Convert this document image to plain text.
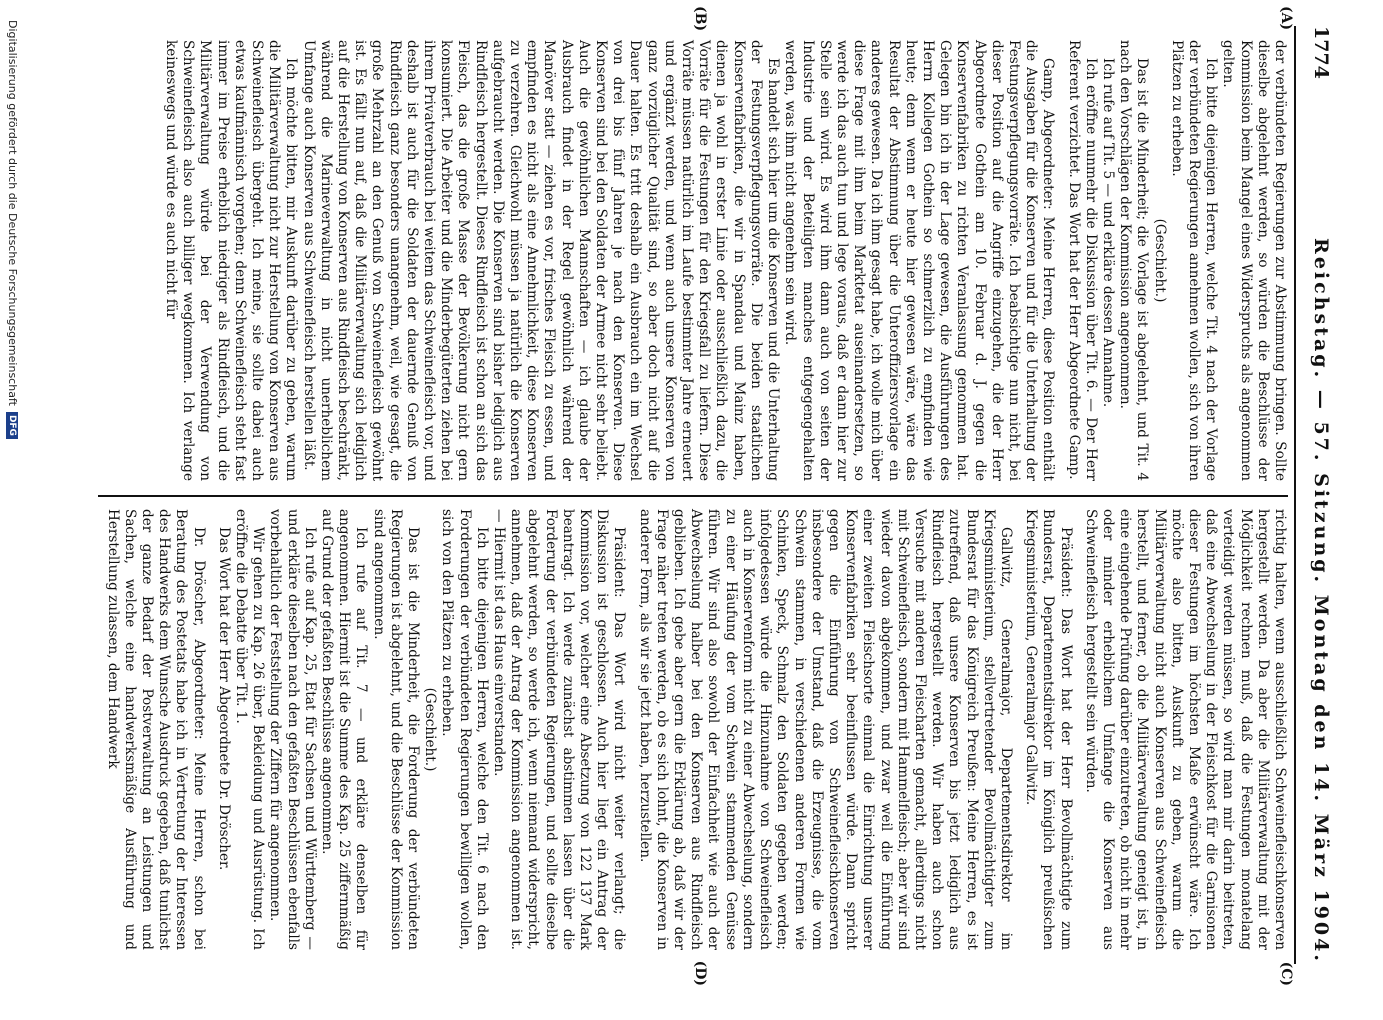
1774
Reichstag. — 57. Sitzung. Montag den 14. März 1904.
(A)
(B)
(C)
(D)

der verbündeten Regierungen zur Abstimmung bringen. Sollte dieselbe abgelehnt werden, so würden die Beschlüsse der Kommission beim Mangel eines Widerspruchs als angenommen gelten.

Ich bitte diejenigen Herren, welche Tit. 4 nach der Vorlage der verbündeten Regierungen annehmen wollen, sich von ihren Plätzen zu erheben.

(Geschieht.)

Das ist die Minderheit; die Vorlage ist abgelehnt, und Tit. 4 nach den Vorschlägen der Kommission angenommen.

Ich rufe auf Tit. 5 — und erkläre dessen Annahme.

Ich eröffne nunmehr die Diskussion über Tit. 6. — Der Herr Referent verzichtet. Das Wort hat der Herr Abgeordnete Gamp.

Gamp, Abgeordneter: Meine Herren, diese Position enthält die Ausgaben für die Konserven und für die Unterhaltung der Festungsverpflegungsvorräte. Ich beabsichtige nun nicht, bei dieser Position auf die Angriffe einzugehen, die der Herr Abgeordnete Gothein am 10. Februar d. J. gegen die Konservenfabriken zu richten Veranlassung genommen hat. Gelegen bin ich in der Lage gewesen, die Ausführungen des Herrn Kollegen Gothein so schmerzlich zu empfinden wie heute; denn wenn er heute hier gewesen wäre, wäre das Resultat der Abstimmung über die Unteroffiziersvorlage ein anderes gewesen. Da ich ihm gesagt habe, ich wolle mich über diese Frage mit ihm beim Marktetat auseinandersetzen, so werde ich das auch tun und lege voraus, daß er dann hier zur Stelle sein wird. Es wird ihm dann auch von seiten der Industrie und der Beteiligten manches entgegengehalten werden, was ihm nicht angenehm sein wird.

Es handelt sich hier um die Konserven und die Unterhaltung der Festungsverpflegungsvorräte. Die beiden staatlichen Konservenfabriken, die wir in Spandau und Mainz haben, dienen ja wohl in erster Linie oder ausschließlich dazu, die Vorräte für die Festungen für den Kriegsfall zu liefern. Diese Vorräte müssen natürlich im Laufe bestimmter Jahre erneuert und ergänzt werden, und wenn auch unsere Konserven von ganz vorzüglicher Qualität sind, so aber doch nicht auf die Dauer halten. Es tritt deshalb ein Ausbrauch ein im Wechsel von drei bis fünf Jahren je nach den Konserven. Diese Konserven sind bei den Soldaten der Armee nicht sehr beliebt. Auch die gewöhnlichen Mannschaften — ich glaube der Ausbrauch findet in der Regel gewöhnlich während der Manöver statt — ziehen es vor, frisches Fleisch zu essen, und empfinden es nicht als eine Annehmlichkeit, diese Konserven zu verzehren. Gleichwohl müssen ja natürlich die Konserven aufgebraucht werden. Die Konserven sind bisher lediglich aus Rindfleisch hergestellt. Dieses Rindfleisch ist schon an sich das Fleisch, das die große Masse der Bevölkerung nicht gern konsumiert. Die Arbeiter und die Minderbegüterten ziehen bei ihrem Privatverbrauch bei weitem das Schweinefleisch vor, und deshalb ist auch für die Soldaten der dauernde Genuß von Rindfleisch ganz besonders unangenehm, weil, wie gesagt, die große Mehrzahl an den Genuß von Schweinefleisch gewöhnt ist. Es fällt nun auf, daß die Militärverwaltung sich lediglich auf die Herstellung von Konserven aus Rindfleisch beschränkt, während die Marineverwaltung in nicht unerheblichem Umfange auch Konserven aus Schweinefleisch herstellen läßt.

Ich möchte bitten, mir Auskunft darüber zu geben, warum die Militärverwaltung nicht zur Herstellung von Konserven aus Schweinefleisch übergeht. Ich meine, sie sollte dabei auch etwas kaufmännisch vorgehen; denn Schweinefleisch steht fast immer im Preise erheblich niedriger als Rindfleisch, und die Militärverwaltung würde bei der Verwendung von Schweinefleisch also auch billiger wegkommen. Ich verlange keineswegs und würde es auch nicht für

richtig halten, wenn ausschließlich Schweinefleischkonserven hergestellt werden. Da aber die Militärverwaltung mit der Möglichkeit rechnen muß, daß die Festungen monatelang verteidigt werden müssen, so wird man mir darin beitreten, daß eine Abwechselung in der Fleischkost für die Garnisonen dieser Festungen im höchsten Maße erwünscht wäre. Ich möchte also bitten, Auskunft zu geben, warum die Militärverwaltung nicht auch Konserven aus Schweinefleisch herstellt, und ferner, ob die Militärverwaltung geneigt ist, in eine eingehende Prüfung darüber einzutreten, ob nicht in mehr oder minder erheblichem Umfange die Konserven aus Schweinefleisch hergestellt sein würden.

Präsident: Das Wort hat der Herr Bevollmächtigte zum Bundesrat, Departementsdirektor im Königlich preußischen Kriegsministerium, Generalmajor Gallwitz.

Gallwitz, Generalmajor, Departementsdirektor im Kriegsministerium, stellvertretender Bevollmächtigter zum Bundesrat für das Königreich Preußen: Meine Herren, es ist zutreffend, daß unsere Konserven bis jetzt lediglich aus Rindfleisch hergestellt werden. Wir haben auch schon Versuche mit anderen Fleischarten gemacht, allerdings nicht mit Schweinefleisch, sondern mit Hammelfleisch; aber wir sind wieder davon abgekommen, und zwar weil die Einführung einer zweiten Fleischsorte einmal die Einrichtung unserer Konservenfabriken sehr beeinflussen würde. Dann spricht gegen die Einführung von Schweinefleischkonserven insbesondere der Umstand, daß die Erzeugnisse, die vom Schwein stammen, in verschiedenen anderen Formen wie Schinken, Speck, Schmalz den Soldaten gegeben werden; infolgedessen würde die Hinzunahme von Schweinefleisch auch in Konservenform nicht zu einer Abwechselung, sondern zu einer Häufung der vom Schwein stammenden Genüsse führen. Wir sind also sowohl der Einfachheit wie auch der Abwechselung halber bei den Konserven aus Rindfleisch geblieben. Ich gebe aber gern die Erklärung ab, daß wir der Frage näher treten werden, ob es sich lohnt, die Konserven in anderer Form, als wir sie jetzt haben, herzustellen.

Präsident: Das Wort wird nicht weiter verlangt; die Diskussion ist geschlossen. Auch hier liegt ein Antrag der Kommission vor, welcher eine Absetzung von 122 137 Mark beantragt. Ich werde zunächst abstimmen lassen über die Forderung der verbündeten Regierungen, und sollte dieselbe abgelehnt werden, so werde ich, wenn niemand widerspricht, annehmen, daß der Antrag der Kommission angenommen ist. — Hiermit ist das Haus einverstanden.

Ich bitte diejenigen Herren, welche den Tit. 6 nach den Forderungen der verbündeten Regierungen bewilligen wollen, sich von den Plätzen zu erheben.

(Geschieht.)

Das ist die Minderheit, die Forderung der verbündeten Regierungen ist abgelehnt, und die Beschlüsse der Kommission sind angenommen.

Ich rufe auf Tit. 7 — und erkläre denselben für angenommen. Hiermit ist die Summe des Kap. 25 ziffernmäßig auf Grund der gefaßten Beschlüsse angenommen.

Ich rufe auf Kap. 25, Etat für Sachsen und Württemberg — und erkläre dieselben nach den gefaßten Beschlüssen ebenfalls vorbehaltlich der Feststellung der Ziffern für angenommen.

Wir gehen zu Kap. 26 über, Bekleidung und Ausrüstung. Ich eröffne die Debatte über Tit. 1.

Das Wort hat der Herr Abgeordnete Dr. Dröscher.

Dr. Dröscher, Abgeordneter: Meine Herren, schon bei Beratung des Postetats habe ich in Vertretung der Interessen des Handwerks dem Wunsche Ausdruck gegeben, daß tunlichst der ganze Bedarf der Postverwaltung an Leistungen und Sachen, welche eine handwerksmäßige Ausführung und Herstellung zulassen, dem Handwerk

Digitalisierung gefördert durch die Deutsche Forschungsgemeinschaft
DFG
